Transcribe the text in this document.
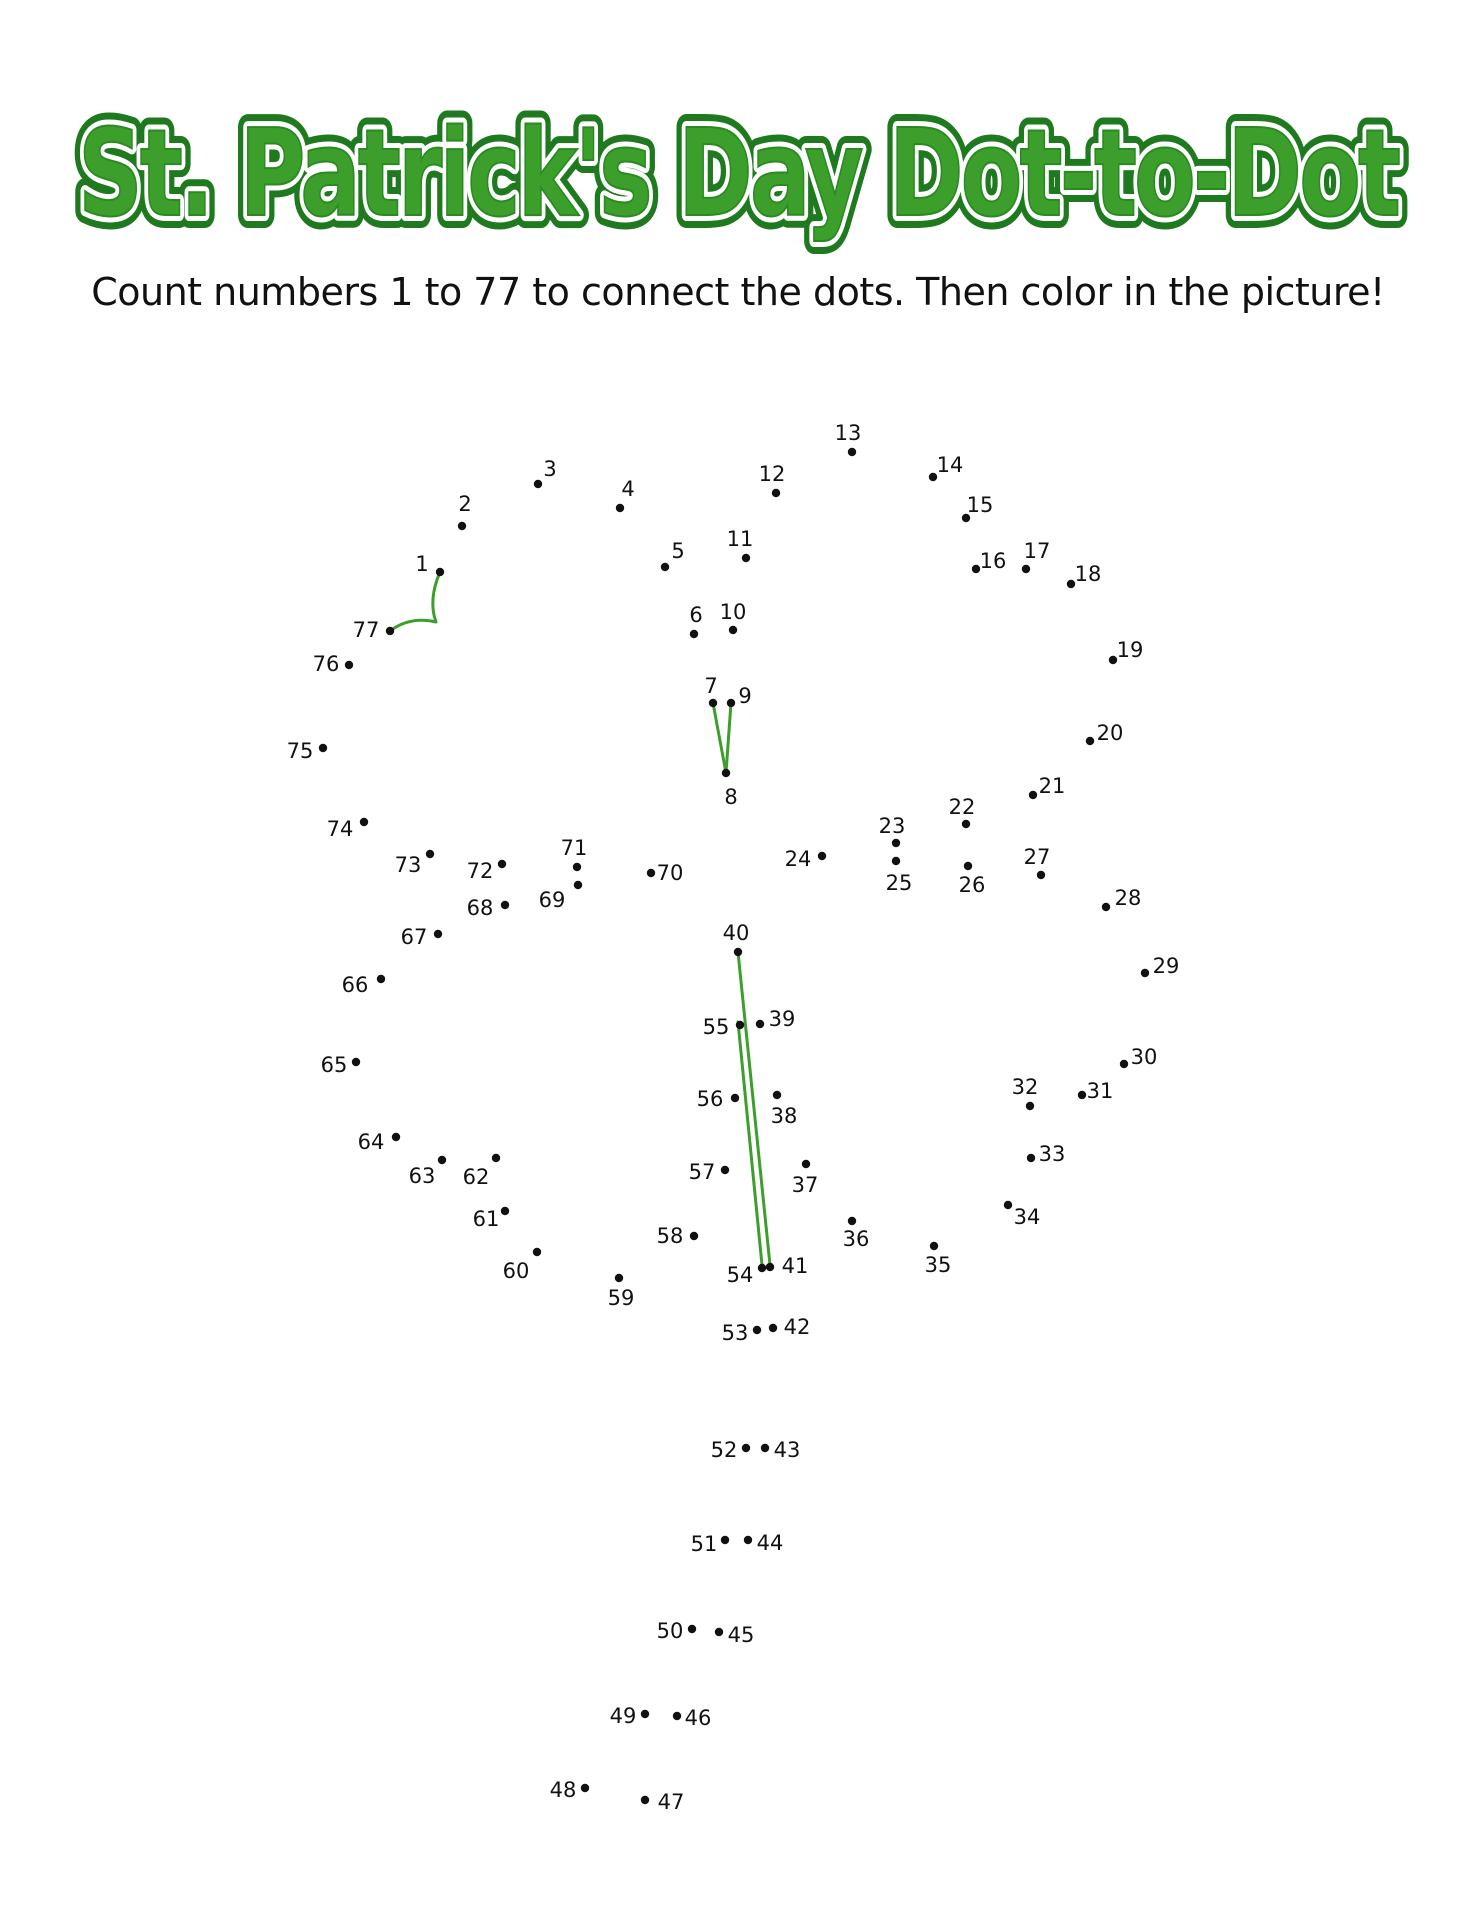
St. Patrick's Day Dot-to-Dot
St. Patrick's Day Dot-to-Dot
St. Patrick's Day Dot-to-Dot
Count numbers 1 to 77 to connect the dots. Then color in the picture!
1
2
3
4
5
6
7
8
9
10
11
12
13
14
15
16 17
18
19
20
21
22
23
24
25 26
27
28
29
30
31
32
33
34
35
36
37
38
39
40
41
42
43
44
45
46
47
48
49
50
51
52
53
54
55
56
57
58
59
60
61
62
63
64
65
66
67
68 69
70
71
72
73
74
75
76
77
